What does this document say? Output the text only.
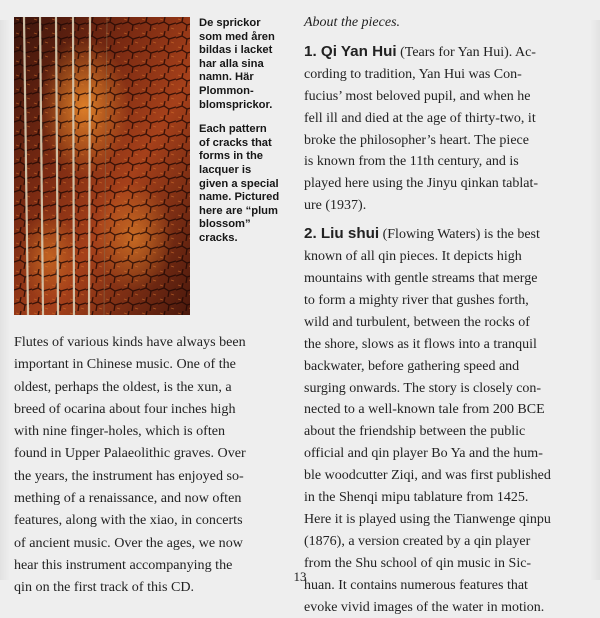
De sprickor
som med åren
bildas i lacket
har alla sina
namn. Här
Plommon-
blomsprickor.

Each pattern
of cracks that
forms in the
lacquer is
given a special
name. Pictured
here are “plum
blossom”
cracks.

Flutes of various kinds have always been
important in Chinese music. One of the
oldest, perhaps the oldest, is the xun, a
breed of ocarina about four inches high
with nine finger-holes, which is often
found in Upper Palaeolithic graves. Over
the years, the instrument has enjoyed so-
mething of a renaissance, and now often
features, along with the xiao, in concerts
of ancient music. Over the ages, we now
hear this instrument accompanying the
qin on the first track of this CD.
About the pieces.
1. Qi Yan Hui (Tears for Yan Hui). Ac-
cording to tradition, Yan Hui was Con-
fucius’ most beloved pupil, and when he
fell ill and died at the age of thirty-two, it
broke the philosopher’s heart. The piece
is known from the 11th century, and is
played here using the Jinyu qinkan tablat-
ure (1937).
2. Liu shui (Flowing Waters) is the best
known of all qin pieces. It depicts high
mountains with gentle streams that merge
to form a mighty river that gushes forth,
wild and turbulent, between the rocks of
the shore, slows as it flows into a tranquil
backwater, before gathering speed and
surging onwards. The story is closely con-
nected to a well-known tale from 200 BCE
about the friendship between the public
official and qin player Bo Ya and the hum-
ble woodcutter Ziqi, and was first published
in the Shenqi mipu tablature from 1425.
Here it is played using the Tianwenge qinpu
(1876), a version created by a qin player
from the Shu school of qin music in Sic-
huan. It contains numerous features that
evoke vivid images of the water in motion.
13
